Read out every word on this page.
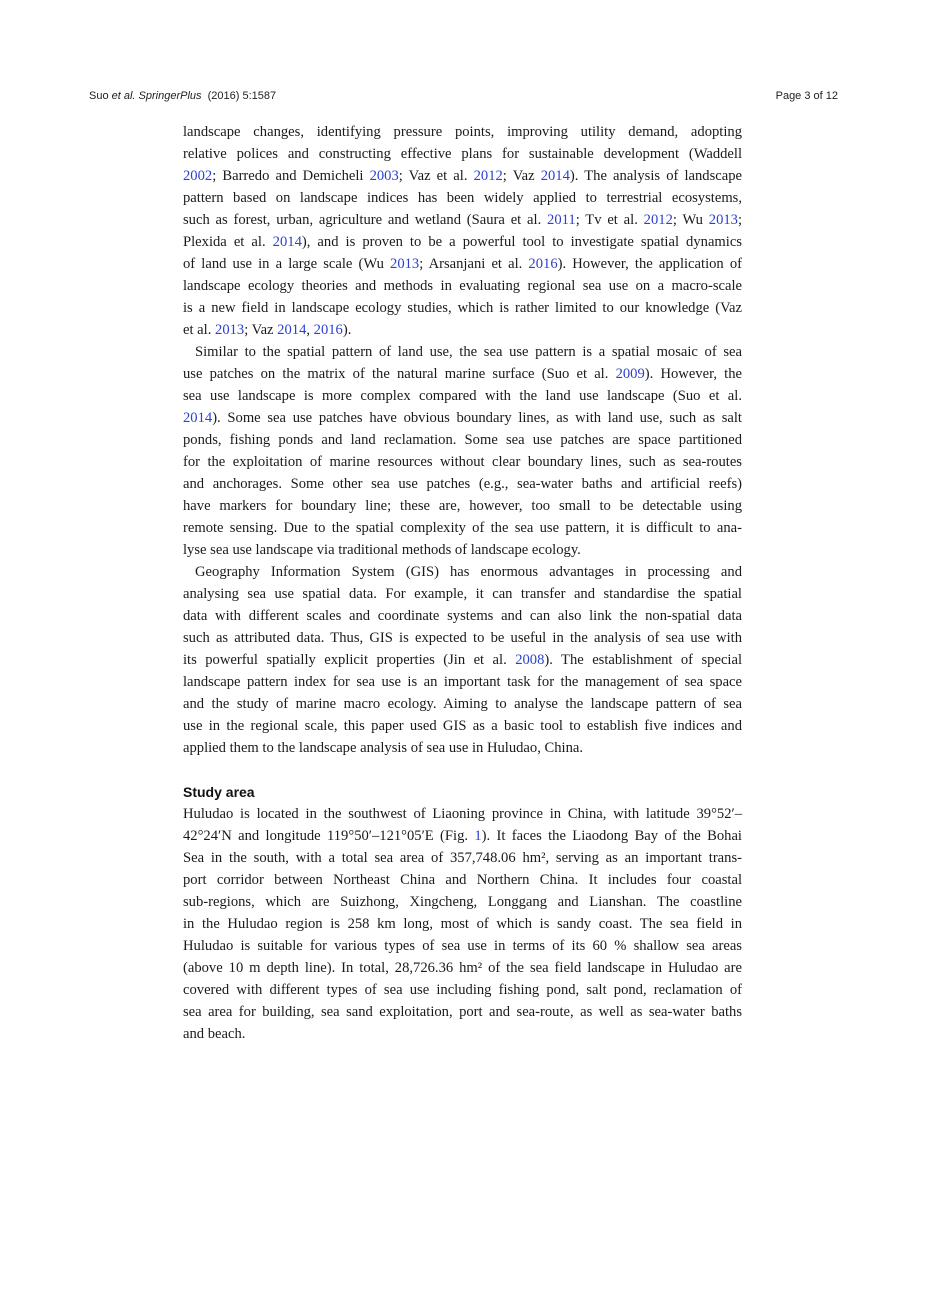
Suo et al. SpringerPlus  (2016) 5:1587	Page 3 of 12
landscape changes, identifying pressure points, improving utility demand, adopting
relative polices and constructing effective plans for sustainable development (Waddell
2002; Barredo and Demicheli 2003; Vaz et al. 2012; Vaz 2014). The analysis of landscape
pattern based on landscape indices has been widely applied to terrestrial ecosystems,
such as forest, urban, agriculture and wetland (Saura et al. 2011; Tv et al. 2012; Wu 2013;
Plexida et al. 2014), and is proven to be a powerful tool to investigate spatial dynamics
of land use in a large scale (Wu 2013; Arsanjani et al. 2016). However, the application of
landscape ecology theories and methods in evaluating regional sea use on a macro-scale
is a new field in landscape ecology studies, which is rather limited to our knowledge (Vaz
et al. 2013; Vaz 2014, 2016).
Similar to the spatial pattern of land use, the sea use pattern is a spatial mosaic of sea
use patches on the matrix of the natural marine surface (Suo et al. 2009). However, the
sea use landscape is more complex compared with the land use landscape (Suo et al.
2014). Some sea use patches have obvious boundary lines, as with land use, such as salt
ponds, fishing ponds and land reclamation. Some sea use patches are space partitioned
for the exploitation of marine resources without clear boundary lines, such as sea-routes
and anchorages. Some other sea use patches (e.g., sea-water baths and artificial reefs)
have markers for boundary line; these are, however, too small to be detectable using
remote sensing. Due to the spatial complexity of the sea use pattern, it is difficult to ana-
lyse sea use landscape via traditional methods of landscape ecology.
Geography Information System (GIS) has enormous advantages in processing and
analysing sea use spatial data. For example, it can transfer and standardise the spatial
data with different scales and coordinate systems and can also link the non-spatial data
such as attributed data. Thus, GIS is expected to be useful in the analysis of sea use with
its powerful spatially explicit properties (Jin et al. 2008). The establishment of special
landscape pattern index for sea use is an important task for the management of sea space
and the study of marine macro ecology. Aiming to analyse the landscape pattern of sea
use in the regional scale, this paper used GIS as a basic tool to establish five indices and
applied them to the landscape analysis of sea use in Huludao, China.
Study area
Huludao is located in the southwest of Liaoning province in China, with latitude 39°52′–
42°24′N and longitude 119°50′–121°05′E (Fig. 1). It faces the Liaodong Bay of the Bohai
Sea in the south, with a total sea area of 357,748.06 hm², serving as an important trans-
port corridor between Northeast China and Northern China. It includes four coastal
sub-regions, which are Suizhong, Xingcheng, Longgang and Lianshan. The coastline
in the Huludao region is 258 km long, most of which is sandy coast. The sea field in
Huludao is suitable for various types of sea use in terms of its 60 % shallow sea areas
(above 10 m depth line). In total, 28,726.36 hm² of the sea field landscape in Huludao are
covered with different types of sea use including fishing pond, salt pond, reclamation of
sea area for building, sea sand exploitation, port and sea-route, as well as sea-water baths
and beach.
